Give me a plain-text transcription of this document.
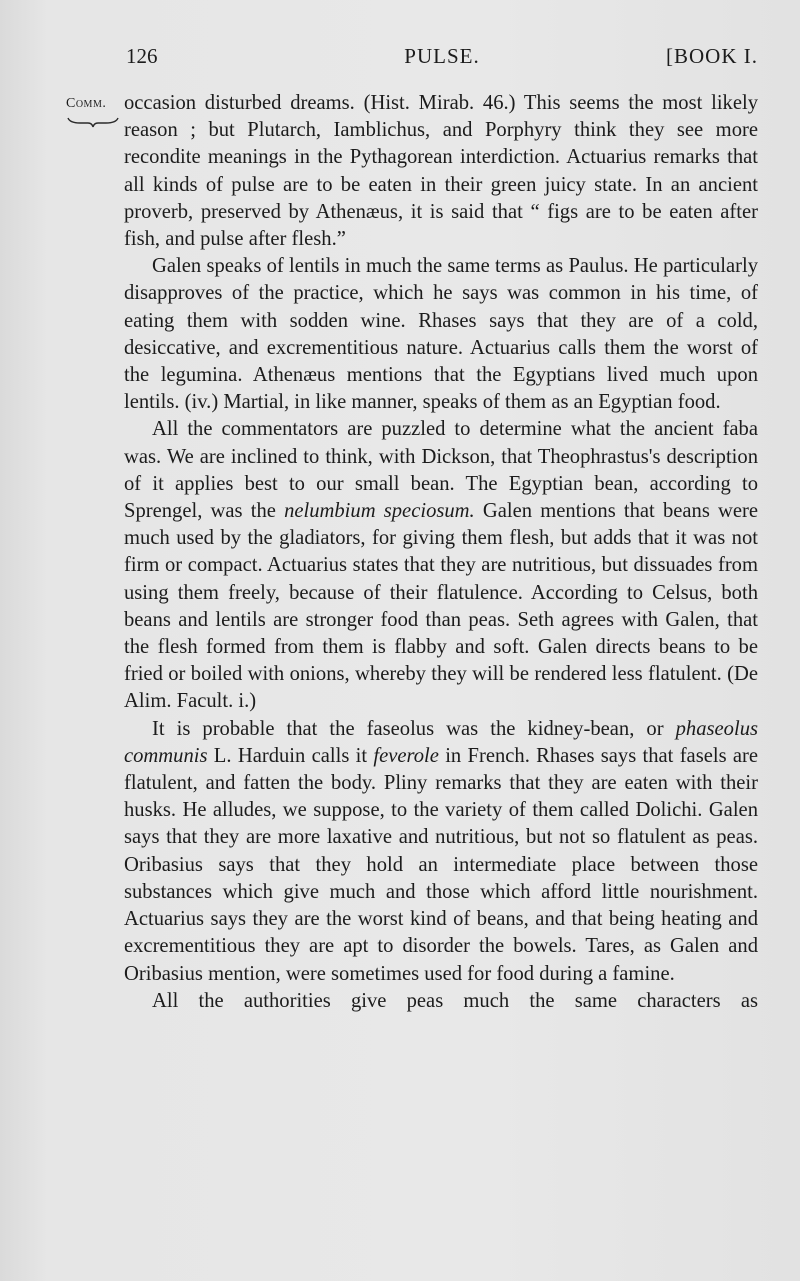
126	PULSE.	[BOOK I.
Comm. occasion disturbed dreams. (Hist. Mirab. 46.) This seems the most likely reason ; but Plutarch, Iamblichus, and Porphyry think they see more recondite meanings in the Pythagorean interdiction. Actuarius remarks that all kinds of pulse are to be eaten in their green juicy state. In an ancient proverb, preserved by Athenæus, it is said that “ figs are to be eaten after fish, and pulse after flesh.”

Galen speaks of lentils in much the same terms as Paulus. He particularly disapproves of the practice, which he says was common in his time, of eating them with sodden wine. Rhases says that they are of a cold, desiccative, and excrementitious nature. Actuarius calls them the worst of the legumina. Athenæus mentions that the Egyptians lived much upon lentils. (iv.) Martial, in like manner, speaks of them as an Egyptian food.

All the commentators are puzzled to determine what the ancient faba was. We are inclined to think, with Dickson, that Theophrastus's description of it applies best to our small bean. The Egyptian bean, according to Sprengel, was the nelumbium speciosum. Galen mentions that beans were much used by the gladiators, for giving them flesh, but adds that it was not firm or compact. Actuarius states that they are nutritious, but dissuades from using them freely, because of their flatulence. According to Celsus, both beans and lentils are stronger food than peas. Seth agrees with Galen, that the flesh formed from them is flabby and soft. Galen directs beans to be fried or boiled with onions, whereby they will be rendered less flatulent. (De Alim. Facult. i.)

It is probable that the faseolus was the kidney-bean, or phaseolus communis L. Harduin calls it feverole in French. Rhases says that fasels are flatulent, and fatten the body. Pliny remarks that they are eaten with their husks. He alludes, we suppose, to the variety of them called Dolichi. Galen says that they are more laxative and nutritious, but not so flatulent as peas. Oribasius says that they hold an intermediate place between those substances which give much and those which afford little nourishment. Actuarius says they are the worst kind of beans, and that being heating and excrementitious they are apt to disorder the bowels. Tares, as Galen and Oribasius mention, were sometimes used for food during a famine.

All the authorities give peas much the same characters as
